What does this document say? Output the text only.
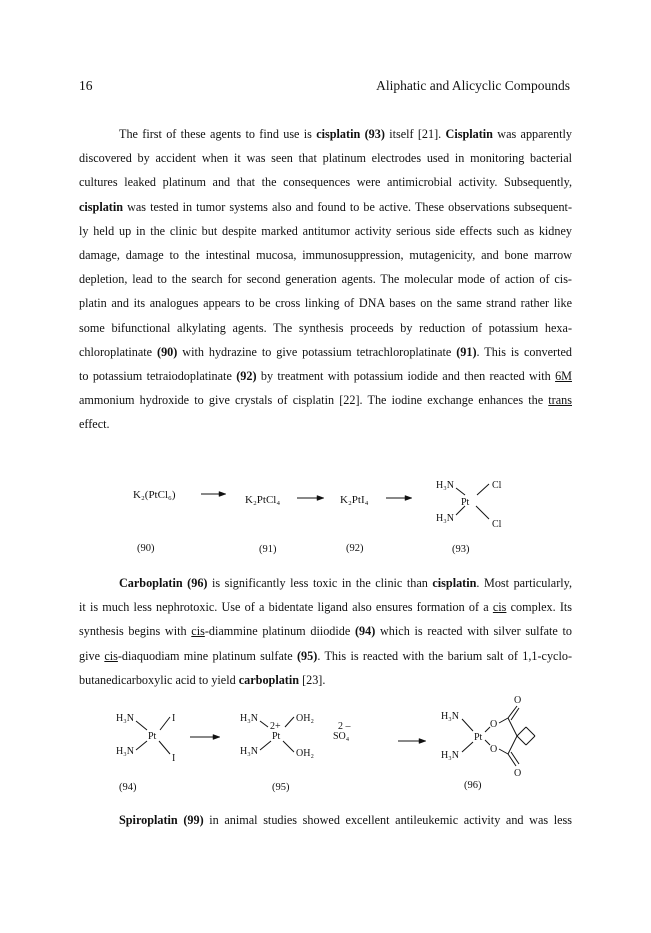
16	Aliphatic and Alicyclic Compounds

The first of these agents to find use is cisplatin (93) itself [21]. Cisplatin was apparently
discovered by accident when it was seen that platinum electrodes used in monitoring bacterial
cultures leaked platinum and that the consequences were antimicrobial activity. Subsequently,
cisplatin was tested in tumor systems also and found to be active. These observations subsequent-
ly held up in the clinic but despite marked antitumor activity serious side effects such as kidney
damage, damage to the intestinal mucosa, immunosuppression, mutagenicity, and bone marrow
depletion, lead to the search for second generation agents. The molecular mode of action of cis-
platin and its analogues appears to be cross linking of DNA bases on the same strand rather like
some bifunctional alkylating agents. The synthesis proceeds by reduction of potassium hexa-
chloroplatinate (90) with hydrazine to give potassium tetrachloroplatinate (91). This is converted
to potassium tetraiodoplatinate (92) by treatment with potassium iodide and then reacted with 6M
ammonium hydroxide to give crystals of cisplatin [22]. The iodine exchange enhances the trans
effect.

K₂(PtCl₆)	K₂PtCl₄	K₂PtI₄
H₃N
H₃N
Pt
Cl
Cl
(90)	(91)	(92)	(93)

Carboplatin (96) is significantly less toxic in the clinic than cisplatin. Most particularly,
it is much less nephrotoxic. Use of a bidentate ligand also ensures formation of a cis complex. Its
synthesis begins with cis-diammine platinum diiodide (94) which is reacted with silver sulfate to
give cis-diaquodiam mine platinum sulfate (95). This is reacted with the barium salt of 1,1-cyclo-
butanedicarboxylic acid to yield carboplatin [23].

H₃N
H₃N
Pt
I
I
H₃N
H₃N
2+
Pt
OH₂
OH₂
2 –
SO₄
H₃N
H₃N
Pt
O
O
O
O
(94)	(95)	(96)

Spiroplatin (99) in animal studies showed excellent antileukemic activity and was less
